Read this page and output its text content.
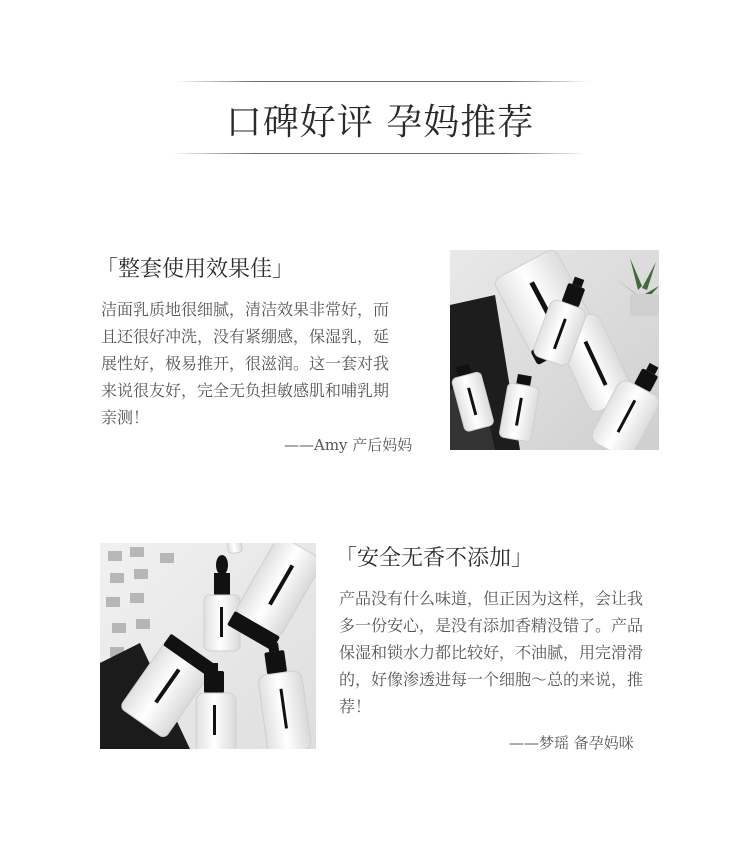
口碑好评 孕妈推荐
「整套使用效果佳」
洁面乳质地很细腻，清洁效果非常好，而
且还很好冲洗，没有紧绷感，保湿乳，延
展性好，极易推开，很滋润。这一套对我
来说很友好，完全无负担敏感肌和哺乳期
亲测！
——Amy 产后妈妈
「安全无香不添加」
产品没有什么味道，但正因为这样，会让我
多一份安心，是没有添加香精没错了。产品
保湿和锁水力都比较好，不油腻，用完滑滑
的，好像渗透进每一个细胞～总的来说，推
荐！
——梦瑶 备孕妈咪
